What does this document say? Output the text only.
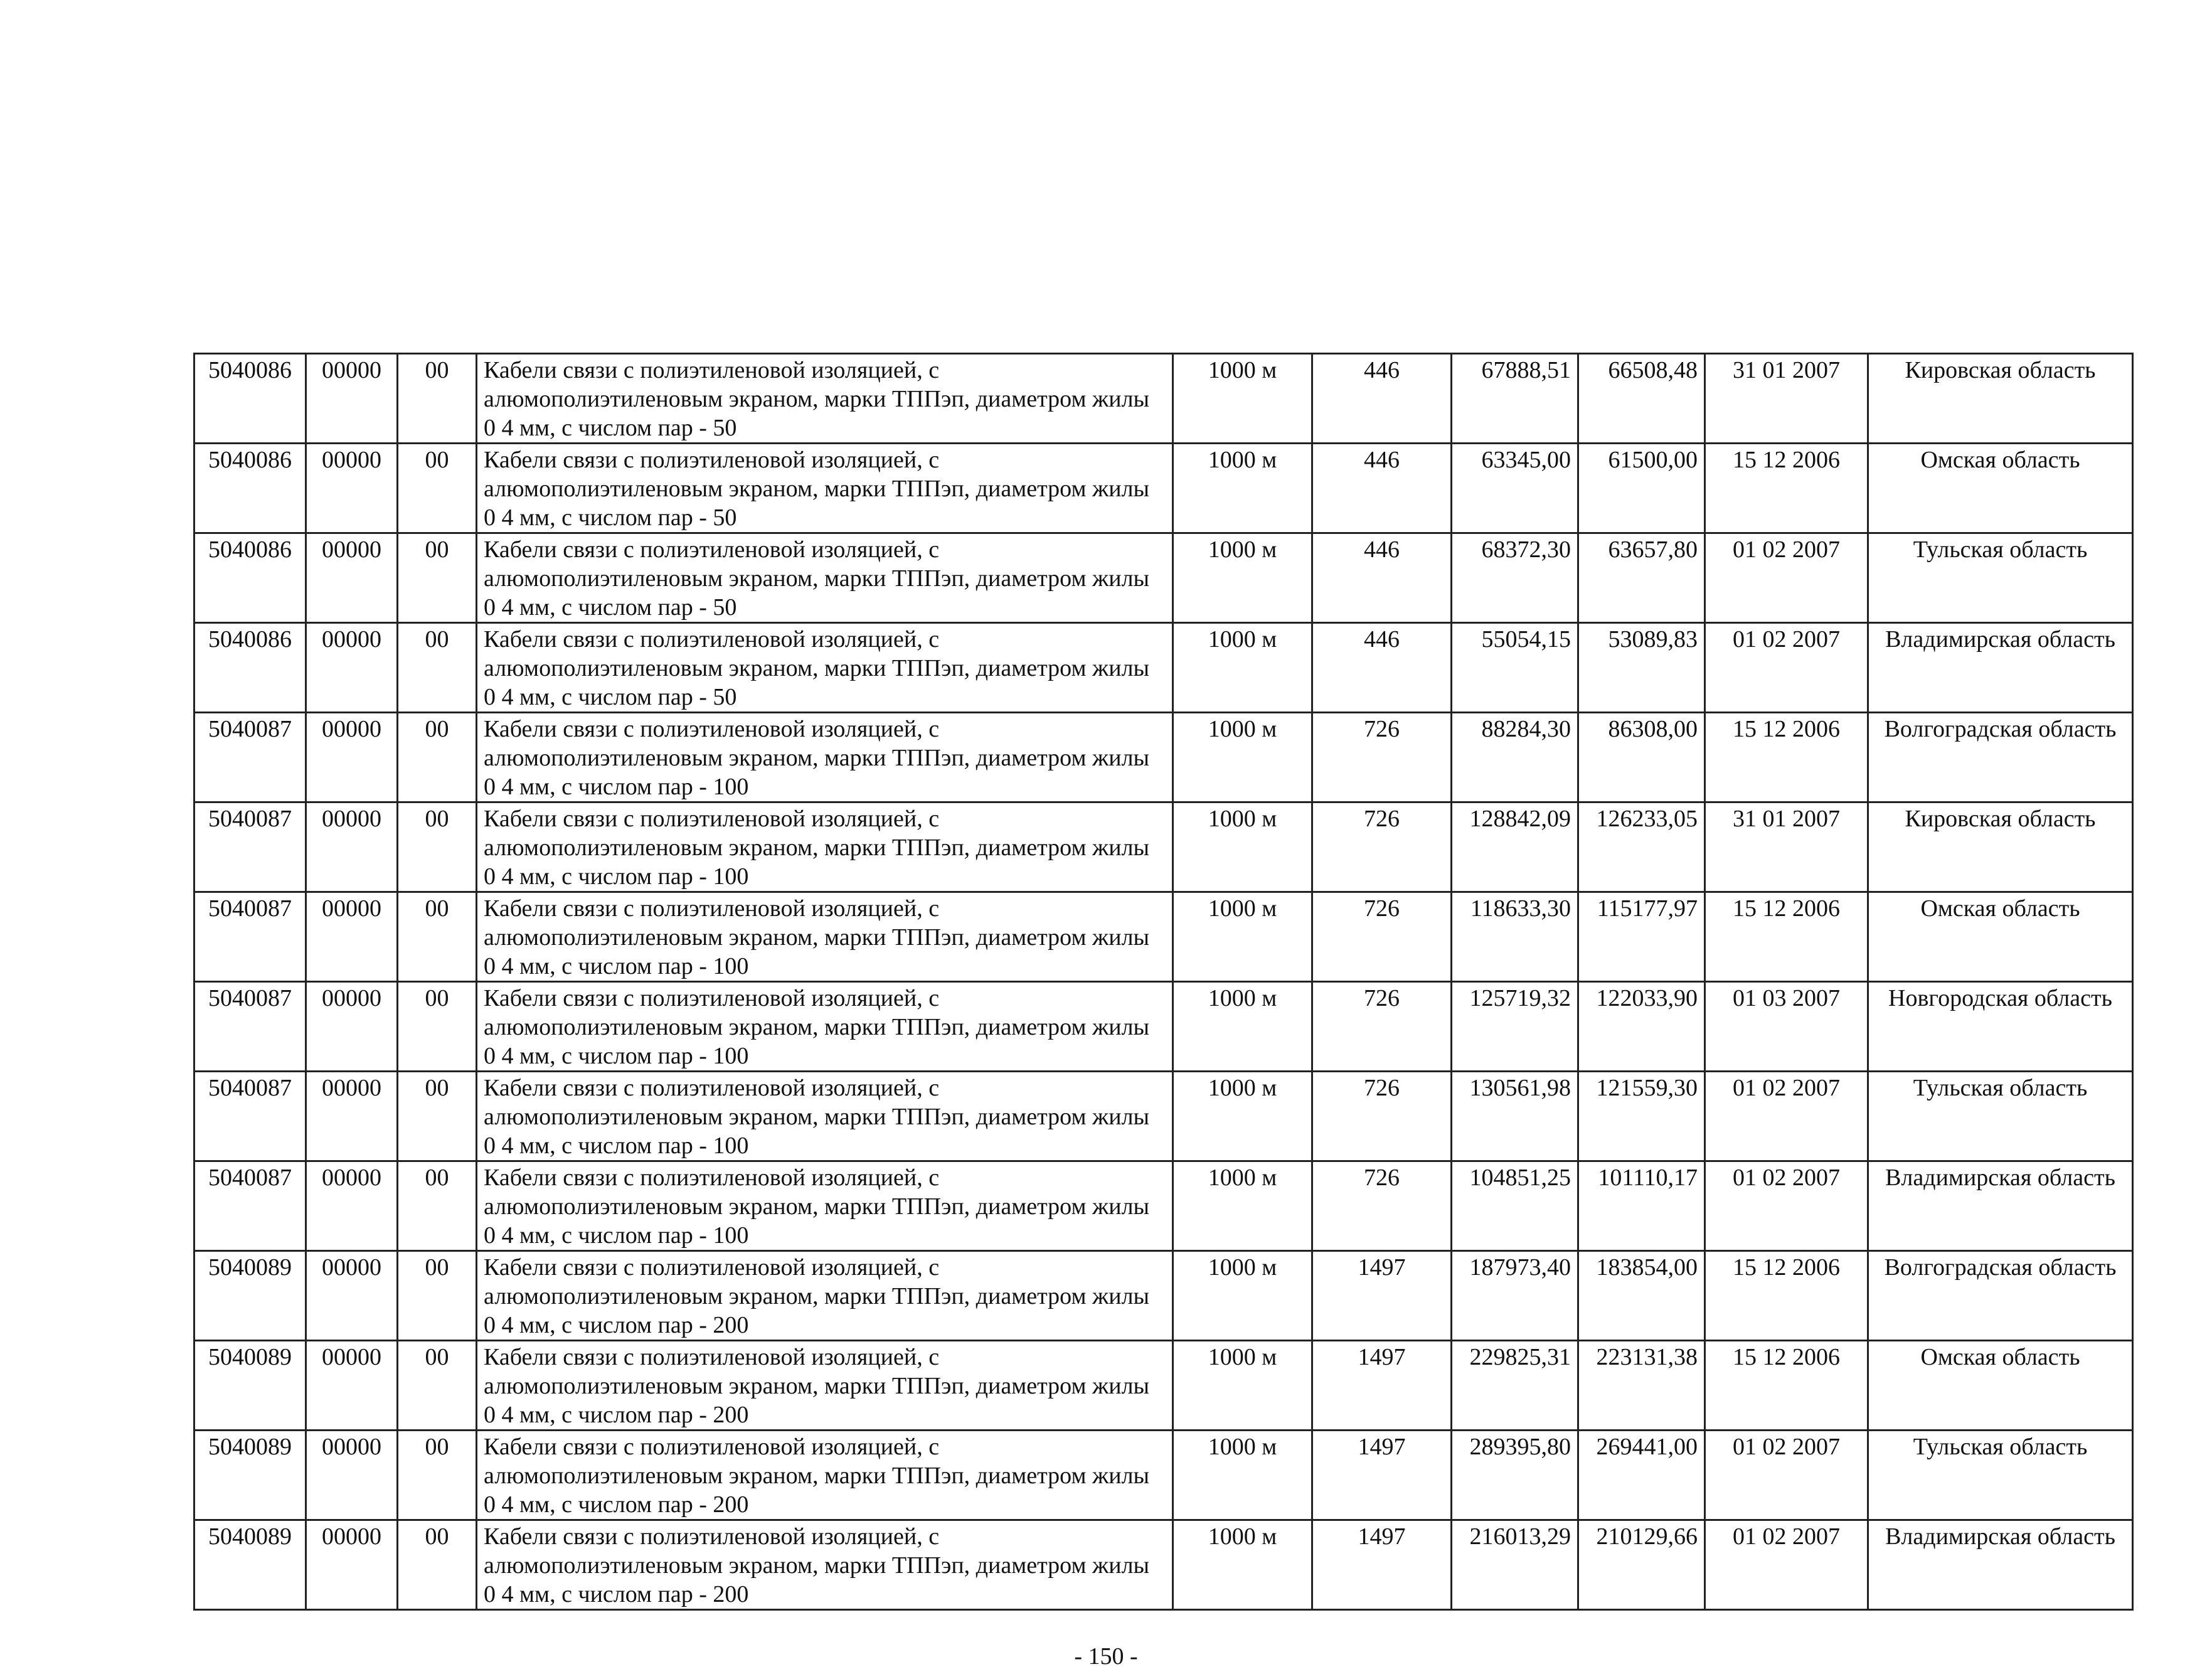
5040086	00000	00	Кабели связи с полиэтиленовой изоляцией, с алюмополиэтиленовым экраном, марки ТППэп, диаметром жилы 0 4 мм, с числом пар - 50	1000 м	446	67888,51	66508,48	31 01 2007	Кировская область
5040086	00000	00	Кабели связи с полиэтиленовой изоляцией, с алюмополиэтиленовым экраном, марки ТППэп, диаметром жилы 0 4 мм, с числом пар - 50	1000 м	446	63345,00	61500,00	15 12 2006	Омская область
5040086	00000	00	Кабели связи с полиэтиленовой изоляцией, с алюмополиэтиленовым экраном, марки ТППэп, диаметром жилы 0 4 мм, с числом пар - 50	1000 м	446	68372,30	63657,80	01 02 2007	Тульская область
5040086	00000	00	Кабели связи с полиэтиленовой изоляцией, с алюмополиэтиленовым экраном, марки ТППэп, диаметром жилы 0 4 мм, с числом пар - 50	1000 м	446	55054,15	53089,83	01 02 2007	Владимирская область
5040087	00000	00	Кабели связи с полиэтиленовой изоляцией, с алюмополиэтиленовым экраном, марки ТППэп, диаметром жилы 0 4 мм, с числом пар - 100	1000 м	726	88284,30	86308,00	15 12 2006	Волгоградская область
5040087	00000	00	Кабели связи с полиэтиленовой изоляцией, с алюмополиэтиленовым экраном, марки ТППэп, диаметром жилы 0 4 мм, с числом пар - 100	1000 м	726	128842,09	126233,05	31 01 2007	Кировская область
5040087	00000	00	Кабели связи с полиэтиленовой изоляцией, с алюмополиэтиленовым экраном, марки ТППэп, диаметром жилы 0 4 мм, с числом пар - 100	1000 м	726	118633,30	115177,97	15 12 2006	Омская область
5040087	00000	00	Кабели связи с полиэтиленовой изоляцией, с алюмополиэтиленовым экраном, марки ТППэп, диаметром жилы 0 4 мм, с числом пар - 100	1000 м	726	125719,32	122033,90	01 03 2007	Новгородская область
5040087	00000	00	Кабели связи с полиэтиленовой изоляцией, с алюмополиэтиленовым экраном, марки ТППэп, диаметром жилы 0 4 мм, с числом пар - 100	1000 м	726	130561,98	121559,30	01 02 2007	Тульская область
5040087	00000	00	Кабели связи с полиэтиленовой изоляцией, с алюмополиэтиленовым экраном, марки ТППэп, диаметром жилы 0 4 мм, с числом пар - 100	1000 м	726	104851,25	101110,17	01 02 2007	Владимирская область
5040089	00000	00	Кабели связи с полиэтиленовой изоляцией, с алюмополиэтиленовым экраном, марки ТППэп, диаметром жилы 0 4 мм, с числом пар - 200	1000 м	1497	187973,40	183854,00	15 12 2006	Волгоградская область
5040089	00000	00	Кабели связи с полиэтиленовой изоляцией, с алюмополиэтиленовым экраном, марки ТППэп, диаметром жилы 0 4 мм, с числом пар - 200	1000 м	1497	229825,31	223131,38	15 12 2006	Омская область
5040089	00000	00	Кабели связи с полиэтиленовой изоляцией, с алюмополиэтиленовым экраном, марки ТППэп, диаметром жилы 0 4 мм, с числом пар - 200	1000 м	1497	289395,80	269441,00	01 02 2007	Тульская область
5040089	00000	00	Кабели связи с полиэтиленовой изоляцией, с алюмополиэтиленовым экраном, марки ТППэп, диаметром жилы 0 4 мм, с числом пар - 200	1000 м	1497	216013,29	210129,66	01 02 2007	Владимирская область
- 150 -
